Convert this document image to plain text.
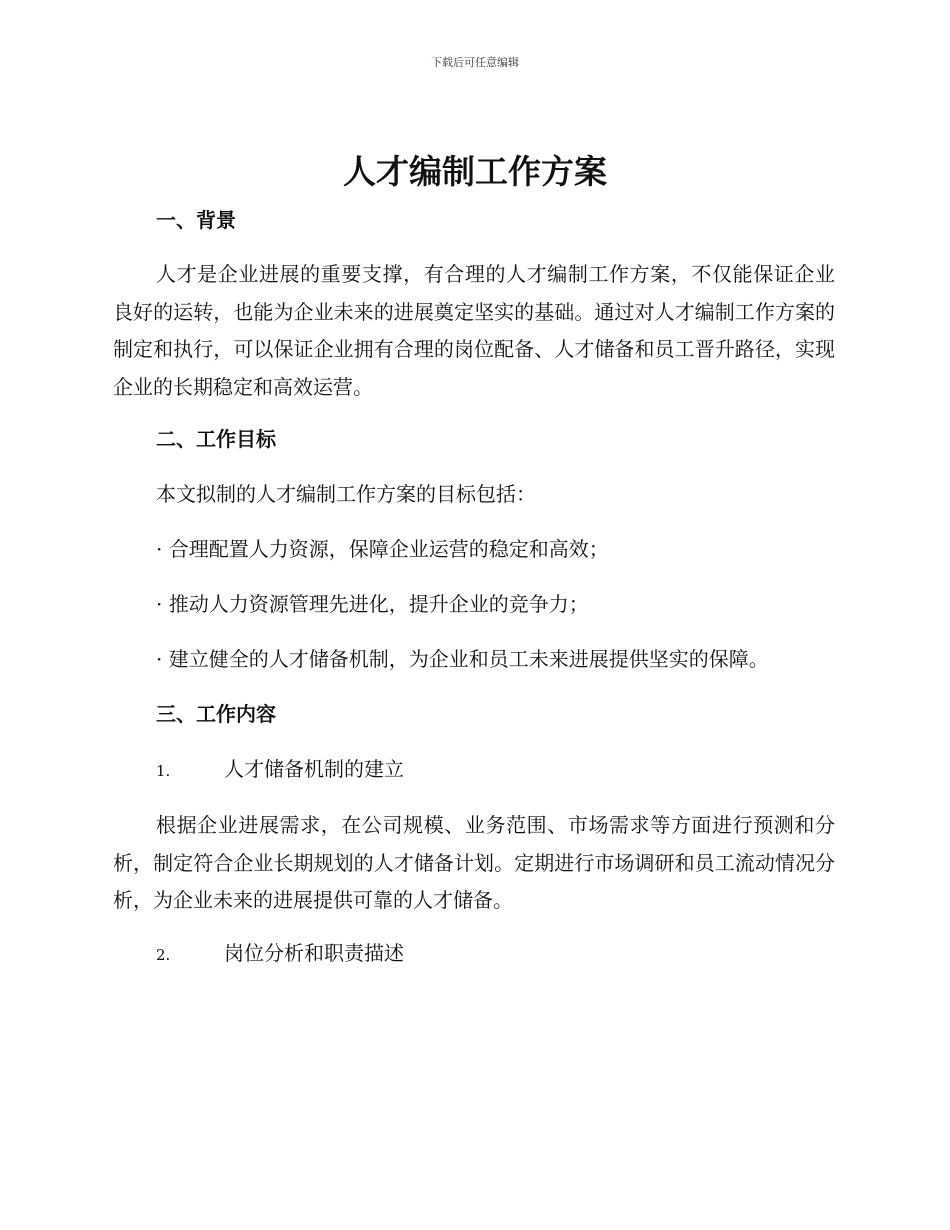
下载后可任意编辑
人才编制工作方案
一、背景

人才是企业进展的重要支撑，有合理的人才编制工作方案，不仅能保证企业良好的运转，也能为企业未来的进展奠定坚实的基础。通过对人才编制工作方案的制定和执行，可以保证企业拥有合理的岗位配备、人才储备和员工晋升路径，实现企业的长期稳定和高效运营。

二、工作目标
本文拟制的人才编制工作方案的目标包括：
· 合理配置人力资源，保障企业运营的稳定和高效；
· 推动人力资源管理先进化，提升企业的竞争力；
· 建立健全的人才储备机制，为企业和员工未来进展提供坚实的保障。
三、工作内容
1.	人才储备机制的建立

根据企业进展需求，在公司规模、业务范围、市场需求等方面进行预测和分析，制定符合企业长期规划的人才储备计划。定期进行市场调研和员工流动情况分析，为企业未来的进展提供可靠的人才储备。

2.	岗位分析和职责描述
